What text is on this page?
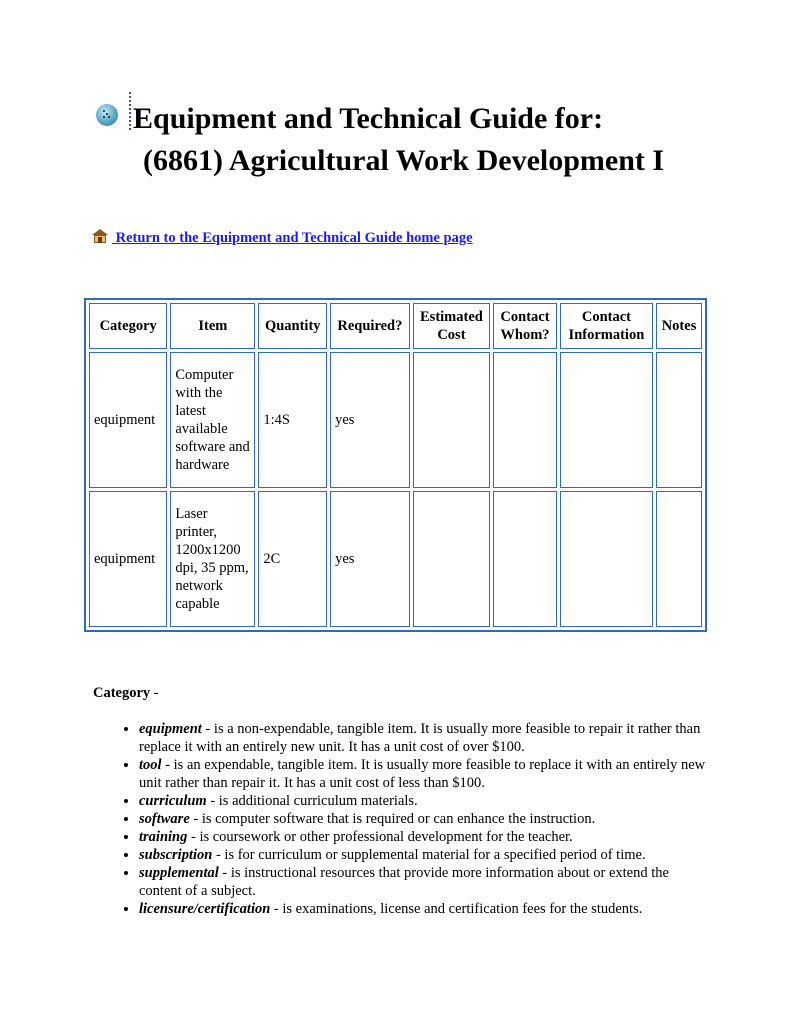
Equipment and Technical Guide for:
(6861) Agricultural Work Development I
Return to the Equipment and Technical Guide home page
Category	Item	Quantity	Required?	Estimated Cost	Contact Whom?	Contact Information	Notes
equipment	Computer with the latest available software and hardware	1:4S	yes				
equipment	Laser printer, 1200x1200 dpi, 35 ppm, network capable	2C	yes				
Category -
• equipment - is a non-expendable, tangible item. It is usually more feasible to repair it rather than replace it with an entirely new unit. It has a unit cost of over $100.
• tool - is an expendable, tangible item. It is usually more feasible to replace it with an entirely new unit rather than repair it. It has a unit cost of less than $100.
• curriculum - is additional curriculum materials.
• software - is computer software that is required or can enhance the instruction.
• training - is coursework or other professional development for the teacher.
• subscription - is for curriculum or supplemental material for a specified period of time.
• supplemental - is instructional resources that provide more information about or extend the content of a subject.
• licensure/certification - is examinations, license and certification fees for the students.
